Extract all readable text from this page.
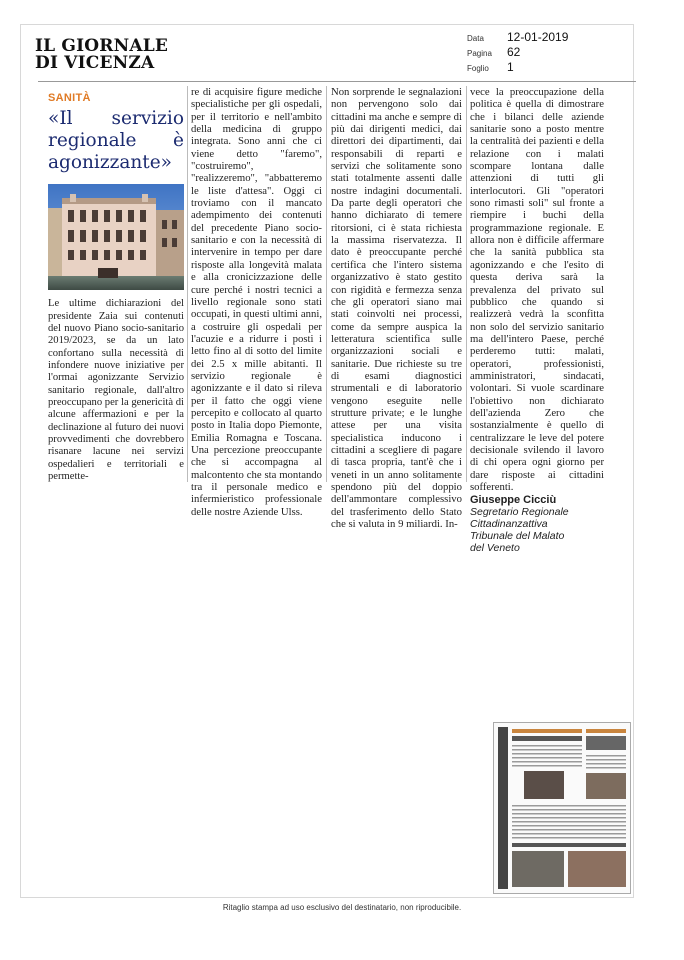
IL GIORNALE
DI VICENZA
Data	12-01-2019
Pagina	62
Foglio	1
SANITÀ
«Il servizio regionale è agonizzante»

Le ultime dichiarazioni del presidente Zaia sui contenuti del nuovo Piano socio-sanitario 2019/2023, se da un lato confortano sulla necessità di infondere nuove iniziative per l'ormai agonizzante Servizio sanitario regionale, dall'altro preoccupano per la genericità di alcune affermazioni e per la declinazione al futuro dei nuovi provvedimenti che dovrebbero risanare lacune nei servizi ospedalieri e territoriali e permette-

re di acquisire figure mediche specialistiche per gli ospedali, per il territorio e nell'ambito della medicina di gruppo integrata. Sono anni che ci viene detto "faremo", "costruiremo", "realizzeremo", "abbatteremo le liste d'attesa". Oggi ci troviamo con il mancato adempimento dei contenuti del precedente Piano socio-sanitario e con la necessità di intervenire in tempo per dare risposte alla longevità malata e alla cronicizzazione delle cure perché i nostri tecnici a livello regionale sono stati occupati, in questi ultimi anni, a costruire gli ospedali per l'acuzie e a ridurre i posti i letto fino al di sotto del limite dei 2.5 x mille abitanti. Il servizio regionale è agonizzante e il dato si rileva per il fatto che oggi viene percepito e collocato al quarto posto in Italia dopo Piemonte, Emilia Romagna e Toscana. Una percezione preoccupante che si accompagna al malcontento che sta montando tra il personale medico e infermieristico professionale delle nostre Aziende Ulss.

Non sorprende le segnalazioni non pervengono solo dai cittadini ma anche e sempre di più dai dirigenti medici, dai direttori dei dipartimenti, dai responsabili di reparti e servizi che solitamente sono stati totalmente assenti dalle nostre indagini documentali. Da parte degli operatori che hanno dichiarato di temere ritorsioni, ci è stata richiesta la massima riservatezza. Il dato è preoccupante perché certifica che l'intero sistema organizzativo è stato gestito con rigidità e fermezza senza che gli operatori siano mai stati coinvolti nei processi, come da sempre auspica la letteratura scientifica sulle organizzazioni sociali e sanitarie. Due richieste su tre di esami diagnostici strumentali e di laboratorio vengono eseguite nelle strutture private; e le lunghe attese per una visita specialistica inducono i cittadini a scegliere di pagare di tasca propria, tant'è che i veneti in un anno solitamente spendono più del doppio dell'ammontare complessivo del trasferimento dello Stato che si valuta in 9 miliardi. In-

vece la preoccupazione della politica è quella di dimostrare che i bilanci delle aziende sanitarie sono a posto mentre la centralità dei pazienti e della relazione con i malati scompare lontana dalle attenzioni di tutti gli interlocutori. Gli "operatori sono rimasti soli" sul fronte a riempire i buchi della programmazione regionale. E allora non è difficile affermare che la sanità pubblica sta agonizzando e che l'esito di questa deriva sarà la prevalenza del privato sul pubblico che quando si realizzerà vedrà la sconfitta non solo del servizio sanitario ma dell'intero Paese, perché perderemo tutti: malati, operatori, professionisti, amministratori, sindacati, volontari. Si vuole scardinare l'obiettivo non dichiarato dell'azienda Zero che sostanzialmente è quello di centralizzare le leve del potere decisionale svilendo il lavoro di chi opera ogni giorno per dare risposte ai cittadini sofferenti.

Giuseppe Cicciù
Segretario Regionale
Cittadinanzattiva
Tribunale del Malato
del Veneto
Ritaglio stampa ad uso esclusivo del destinatario, non riproducibile.
